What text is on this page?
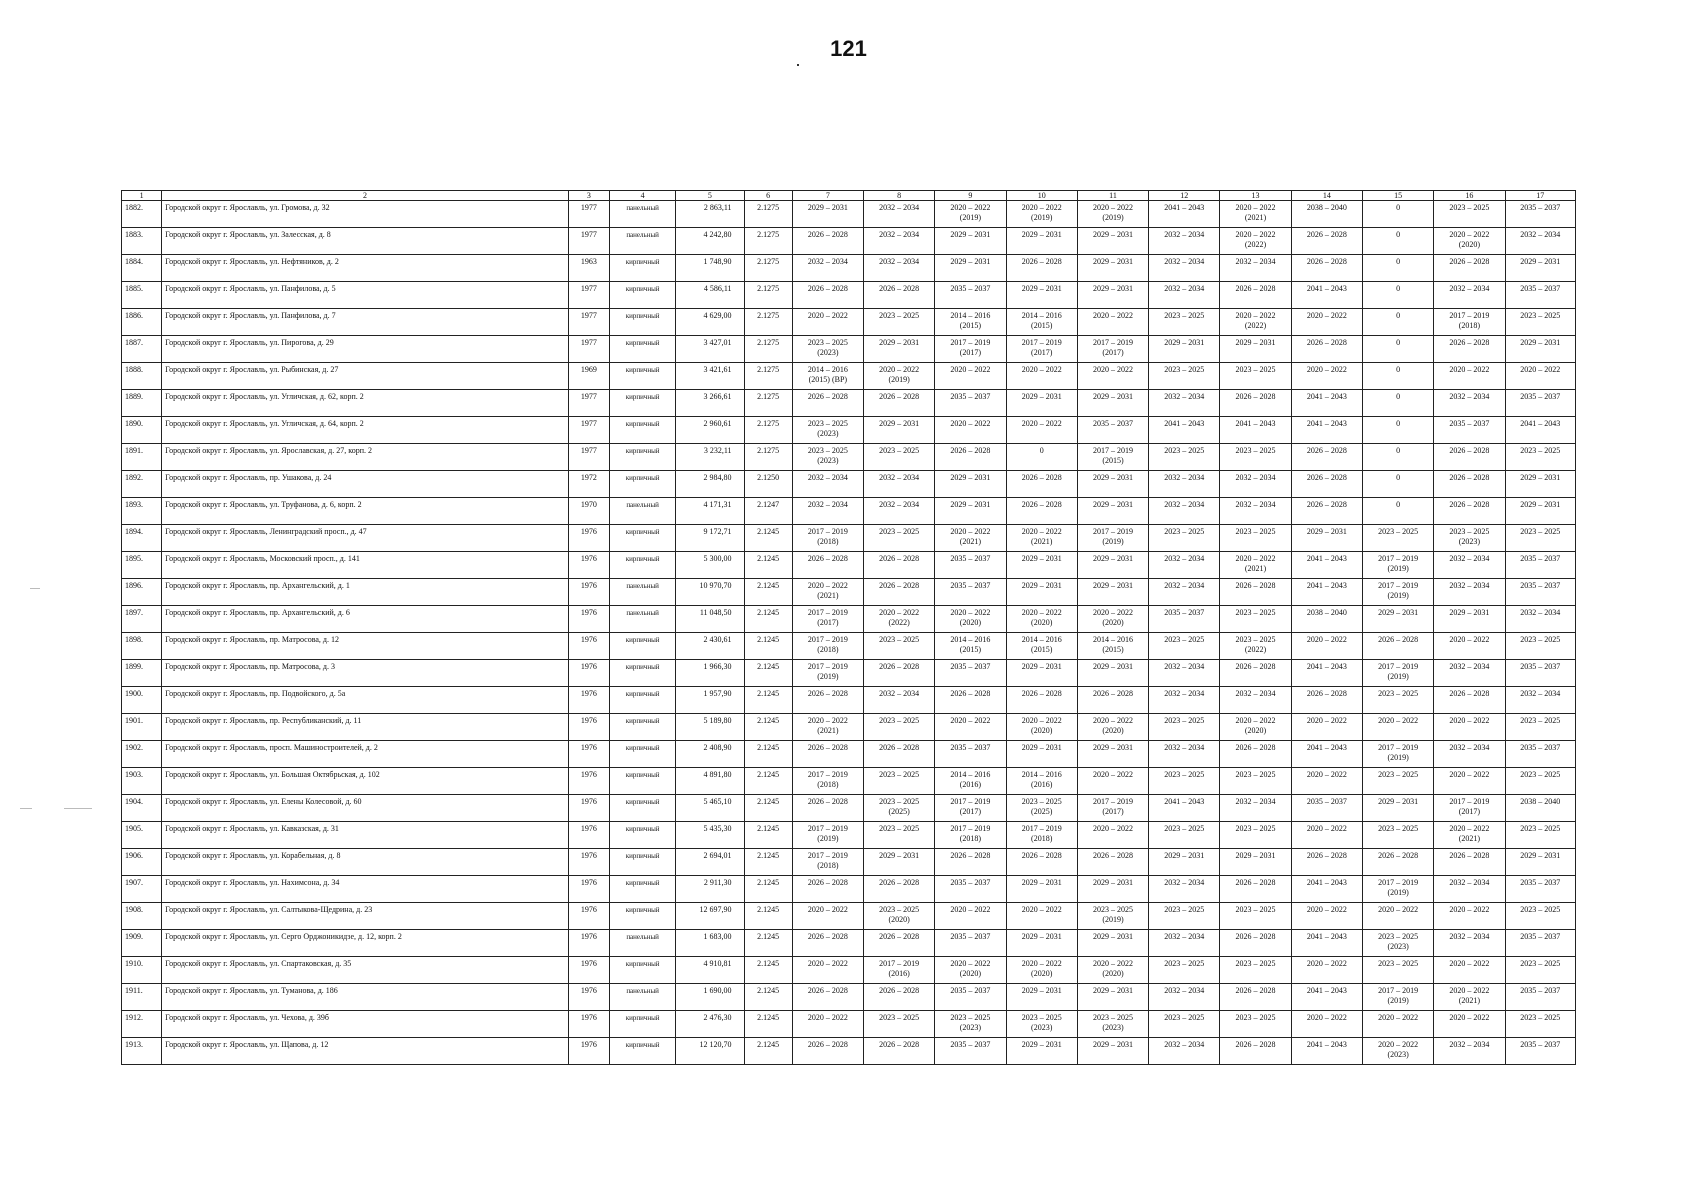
121
1	2	3	4	5	6	7	8	9	10	11	12	13	14	15	16	17
1882.	Городской округ г. Ярославль, ул. Громова, д. 32	1977	панельный	2 863,11	2.1275	2029 – 2031	2032 – 2034	2020 – 2022
(2019)	2020 – 2022
(2019)	2020 – 2022
(2019)	2041 – 2043	2020 – 2022
(2021)	2038 – 2040	0	2023 – 2025	2035 – 2037
1883.	Городской округ г. Ярославль, ул. Залесская, д. 8	1977	панельный	4 242,80	2.1275	2026 – 2028	2032 – 2034	2029 – 2031	2029 – 2031	2029 – 2031	2032 – 2034	2020 – 2022
(2022)	2026 – 2028	0	2020 – 2022
(2020)	2032 – 2034
1884.	Городской округ г. Ярославль, ул. Нефтяников, д. 2	1963	кирпичный	1 748,90	2.1275	2032 – 2034	2032 – 2034	2029 – 2031	2026 – 2028	2029 – 2031	2032 – 2034	2032 – 2034	2026 – 2028	0	2026 – 2028	2029 – 2031
1885.	Городской округ г. Ярославль, ул. Панфилова, д. 5	1977	кирпичный	4 586,11	2.1275	2026 – 2028	2026 – 2028	2035 – 2037	2029 – 2031	2029 – 2031	2032 – 2034	2026 – 2028	2041 – 2043	0	2032 – 2034	2035 – 2037
1886.	Городской округ г. Ярославль, ул. Панфилова, д. 7	1977	кирпичный	4 629,00	2.1275	2020 – 2022	2023 – 2025	2014 – 2016
(2015)	2014 – 2016
(2015)	2020 – 2022	2023 – 2025	2020 – 2022
(2022)	2020 – 2022	0	2017 – 2019
(2018)	2023 – 2025
1887.	Городской округ г. Ярославль, ул. Пирогова, д. 29	1977	кирпичный	3 427,01	2.1275	2023 – 2025
(2023)	2029 – 2031	2017 – 2019
(2017)	2017 – 2019
(2017)	2017 – 2019
(2017)	2029 – 2031	2029 – 2031	2026 – 2028	0	2026 – 2028	2029 – 2031
1888.	Городской округ г. Ярославль, ул. Рыбинская, д. 27	1969	кирпичный	3 421,61	2.1275	2014 – 2016
(2015) (ВР)	2020 – 2022
(2019)	2020 – 2022	2020 – 2022	2020 – 2022	2023 – 2025	2023 – 2025	2020 – 2022	0	2020 – 2022	2020 – 2022
1889.	Городской округ г. Ярославль, ул. Угличская, д. 62, корп. 2	1977	кирпичный	3 266,61	2.1275	2026 – 2028	2026 – 2028	2035 – 2037	2029 – 2031	2029 – 2031	2032 – 2034	2026 – 2028	2041 – 2043	0	2032 – 2034	2035 – 2037
1890.	Городской округ г. Ярославль, ул. Угличская, д. 64, корп. 2	1977	кирпичный	2 960,61	2.1275	2023 – 2025
(2023)	2029 – 2031	2020 – 2022	2020 – 2022	2035 – 2037	2041 – 2043	2041 – 2043	2041 – 2043	0	2035 – 2037	2041 – 2043
1891.	Городской округ г. Ярославль, ул. Ярославская, д. 27, корп. 2	1977	кирпичный	3 232,11	2.1275	2023 – 2025
(2023)	2023 – 2025	2026 – 2028	0	2017 – 2019
(2015)	2023 – 2025	2023 – 2025	2026 – 2028	0	2026 – 2028	2023 – 2025
1892.	Городской округ г. Ярославль, пр. Ушакова, д. 24	1972	кирпичный	2 984,80	2.1250	2032 – 2034	2032 – 2034	2029 – 2031	2026 – 2028	2029 – 2031	2032 – 2034	2032 – 2034	2026 – 2028	0	2026 – 2028	2029 – 2031
1893.	Городской округ г. Ярославль, ул. Труфанова, д. 6, корп. 2	1970	панельный	4 171,31	2.1247	2032 – 2034	2032 – 2034	2029 – 2031	2026 – 2028	2029 – 2031	2032 – 2034	2032 – 2034	2026 – 2028	0	2026 – 2028	2029 – 2031
1894.	Городской округ г. Ярославль, Ленинградский просп., д. 47	1976	кирпичный	9 172,71	2.1245	2017 – 2019
(2018)	2023 – 2025	2020 – 2022
(2021)	2020 – 2022
(2021)	2017 – 2019
(2019)	2023 – 2025	2023 – 2025	2029 – 2031	2023 – 2025	2023 – 2025
(2023)	2023 – 2025
1895.	Городской округ г. Ярославль, Московский просп., д. 141	1976	кирпичный	5 300,00	2.1245	2026 – 2028	2026 – 2028	2035 – 2037	2029 – 2031	2029 – 2031	2032 – 2034	2020 – 2022
(2021)	2041 – 2043	2017 – 2019
(2019)	2032 – 2034	2035 – 2037
1896.	Городской округ г. Ярославль, пр. Архангельский, д. 1	1976	панельный	10 970,70	2.1245	2020 – 2022
(2021)	2026 – 2028	2035 – 2037	2029 – 2031	2029 – 2031	2032 – 2034	2026 – 2028	2041 – 2043	2017 – 2019
(2019)	2032 – 2034	2035 – 2037
1897.	Городской округ г. Ярославль, пр. Архангельский, д. 6	1976	панельный	11 048,50	2.1245	2017 – 2019
(2017)	2020 – 2022
(2022)	2020 – 2022
(2020)	2020 – 2022
(2020)	2020 – 2022
(2020)	2035 – 2037	2023 – 2025	2038 – 2040	2029 – 2031	2029 – 2031	2032 – 2034
1898.	Городской округ г. Ярославль, пр. Матросова, д. 12	1976	кирпичный	2 430,61	2.1245	2017 – 2019
(2018)	2023 – 2025	2014 – 2016
(2015)	2014 – 2016
(2015)	2014 – 2016
(2015)	2023 – 2025	2023 – 2025
(2022)	2020 – 2022	2026 – 2028	2020 – 2022	2023 – 2025
1899.	Городской округ г. Ярославль, пр. Матросова, д. 3	1976	кирпичный	1 966,30	2.1245	2017 – 2019
(2019)	2026 – 2028	2035 – 2037	2029 – 2031	2029 – 2031	2032 – 2034	2026 – 2028	2041 – 2043	2017 – 2019
(2019)	2032 – 2034	2035 – 2037
1900.	Городской округ г. Ярославль, пр. Подвойского, д. 5а	1976	кирпичный	1 957,90	2.1245	2026 – 2028	2032 – 2034	2026 – 2028	2026 – 2028	2026 – 2028	2032 – 2034	2032 – 2034	2026 – 2028	2023 – 2025	2026 – 2028	2032 – 2034
1901.	Городской округ г. Ярославль, пр. Республиканский, д. 11	1976	кирпичный	5 189,80	2.1245	2020 – 2022
(2021)	2023 – 2025	2020 – 2022	2020 – 2022
(2020)	2020 – 2022
(2020)	2023 – 2025	2020 – 2022
(2020)	2020 – 2022	2020 – 2022	2020 – 2022	2023 – 2025
1902.	Городской округ г. Ярославль, просп. Машиностроителей, д. 2	1976	кирпичный	2 408,90	2.1245	2026 – 2028	2026 – 2028	2035 – 2037	2029 – 2031	2029 – 2031	2032 – 2034	2026 – 2028	2041 – 2043	2017 – 2019
(2019)	2032 – 2034	2035 – 2037
1903.	Городской округ г. Ярославль, ул. Большая Октябрьская, д. 102	1976	кирпичный	4 891,80	2.1245	2017 – 2019
(2018)	2023 – 2025	2014 – 2016
(2016)	2014 – 2016
(2016)	2020 – 2022	2023 – 2025	2023 – 2025	2020 – 2022	2023 – 2025	2020 – 2022	2023 – 2025
1904.	Городской округ г. Ярославль, ул. Елены Колесовой, д. 60	1976	кирпичный	5 465,10	2.1245	2026 – 2028	2023 – 2025
(2025)	2017 – 2019
(2017)	2023 – 2025
(2025)	2017 – 2019
(2017)	2041 – 2043	2032 – 2034	2035 – 2037	2029 – 2031	2017 – 2019
(2017)	2038 – 2040
1905.	Городской округ г. Ярославль, ул. Кавказская, д. 31	1976	кирпичный	5 435,30	2.1245	2017 – 2019
(2019)	2023 – 2025	2017 – 2019
(2018)	2017 – 2019
(2018)	2020 – 2022	2023 – 2025	2023 – 2025	2020 – 2022	2023 – 2025	2020 – 2022
(2021)	2023 – 2025
1906.	Городской округ г. Ярославль, ул. Корабельная, д. 8	1976	кирпичный	2 694,01	2.1245	2017 – 2019
(2018)	2029 – 2031	2026 – 2028	2026 – 2028	2026 – 2028	2029 – 2031	2029 – 2031	2026 – 2028	2026 – 2028	2026 – 2028	2029 – 2031
1907.	Городской округ г. Ярославль, ул. Нахимсона, д. 34	1976	кирпичный	2 911,30	2.1245	2026 – 2028	2026 – 2028	2035 – 2037	2029 – 2031	2029 – 2031	2032 – 2034	2026 – 2028	2041 – 2043	2017 – 2019
(2019)	2032 – 2034	2035 – 2037
1908.	Городской округ г. Ярославль, ул. Салтыкова-Щедрина, д. 23	1976	кирпичный	12 697,90	2.1245	2020 – 2022	2023 – 2025
(2020)	2020 – 2022	2020 – 2022	2023 – 2025
(2019)	2023 – 2025	2023 – 2025	2020 – 2022	2020 – 2022	2020 – 2022	2023 – 2025
1909.	Городской округ г. Ярославль, ул. Серго Орджоникидзе, д. 12, корп. 2	1976	панельный	1 683,00	2.1245	2026 – 2028	2026 – 2028	2035 – 2037	2029 – 2031	2029 – 2031	2032 – 2034	2026 – 2028	2041 – 2043	2023 – 2025
(2023)	2032 – 2034	2035 – 2037
1910.	Городской округ г. Ярославль, ул. Спартаковская, д. 35	1976	кирпичный	4 910,81	2.1245	2020 – 2022	2017 – 2019
(2016)	2020 – 2022
(2020)	2020 – 2022
(2020)	2020 – 2022
(2020)	2023 – 2025	2023 – 2025	2020 – 2022	2023 – 2025	2020 – 2022	2023 – 2025
1911.	Городской округ г. Ярославль, ул. Туманова, д. 186	1976	панельный	1 690,00	2.1245	2026 – 2028	2026 – 2028	2035 – 2037	2029 – 2031	2029 – 2031	2032 – 2034	2026 – 2028	2041 – 2043	2017 – 2019
(2019)	2020 – 2022
(2021)	2035 – 2037
1912.	Городской округ г. Ярославль, ул. Чехова, д. 39б	1976	кирпичный	2 476,30	2.1245	2020 – 2022	2023 – 2025	2023 – 2025
(2023)	2023 – 2025
(2023)	2023 – 2025
(2023)	2023 – 2025	2023 – 2025	2020 – 2022	2020 – 2022	2020 – 2022	2023 – 2025
1913.	Городской округ г. Ярославль, ул. Щапова, д. 12	1976	кирпичный	12 120,70	2.1245	2026 – 2028	2026 – 2028	2035 – 2037	2029 – 2031	2029 – 2031	2032 – 2034	2026 – 2028	2041 – 2043	2020 – 2022
(2023)	2032 – 2034	2035 – 2037
